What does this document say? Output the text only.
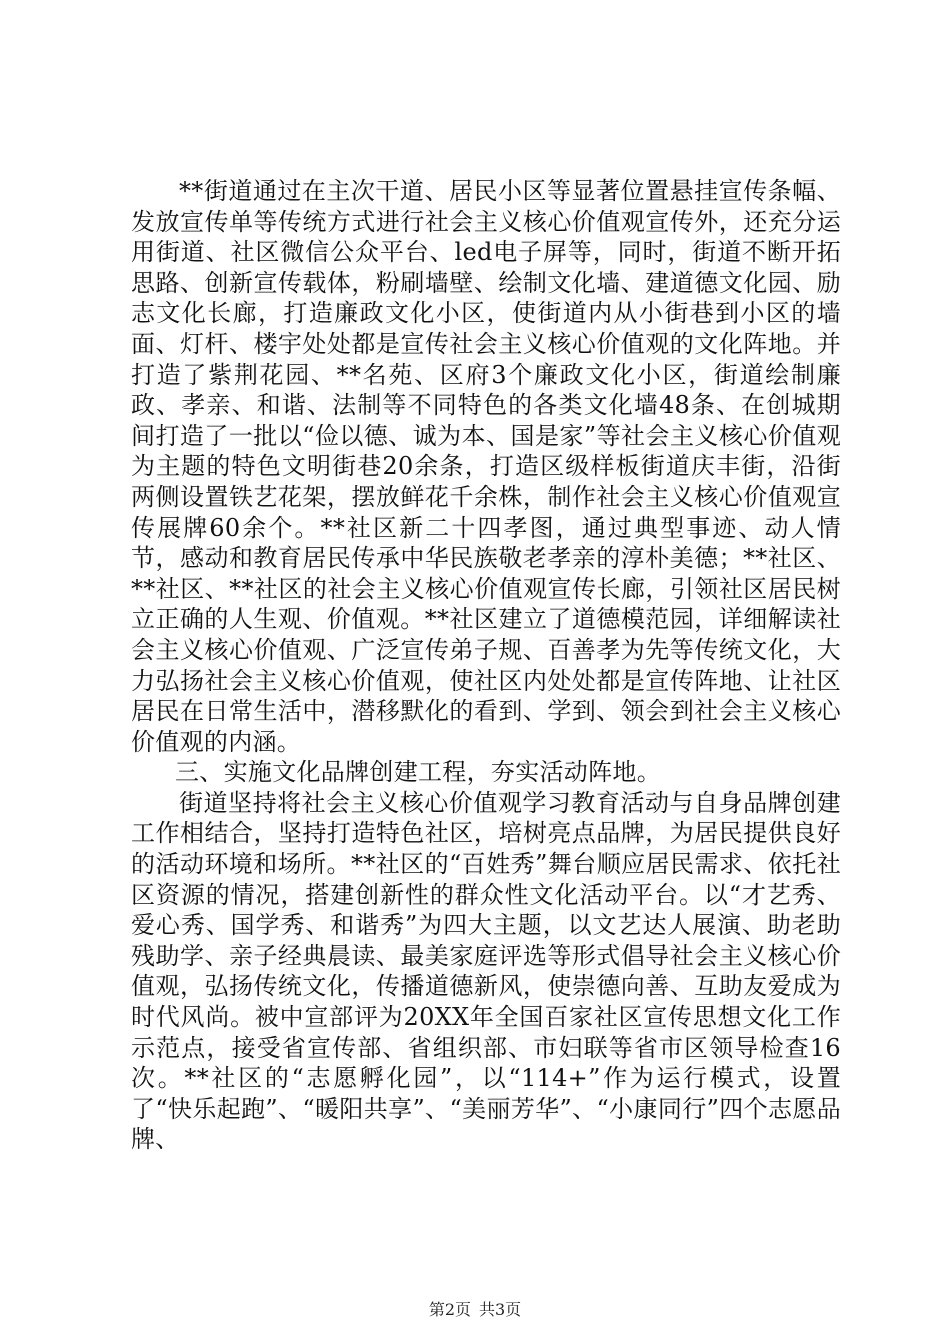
**街道通过在主次干道、居民小区等显著位置悬挂宣传条幅、发放宣传单等传统方式进行社会主义核心价值观宣传外，还充分运用街道、社区微信公众平台、led电子屏等，同时，街道不断开拓思路、创新宣传载体，粉刷墙壁、绘制文化墙、建道德文化园、励志文化长廊，打造廉政文化小区，使街道内从小街巷到小区的墙面、灯杆、楼宇处处都是宣传社会主义核心价值观的文化阵地。并打造了紫荆花园、**名苑、区府3个廉政文化小区，街道绘制廉政、孝亲、和谐、法制等不同特色的各类文化墙48条、在创城期间打造了一批以“俭以德、诚为本、国是家”等社会主义核心价值观为主题的特色文明街巷20余条，打造区级样板街道庆丰街，沿街两侧设置铁艺花架，摆放鲜花千余株，制作社会主义核心价值观宣传展牌60余个。**社区新二十四孝图，通过典型事迹、动人情节，感动和教育居民传承中华民族敬老孝亲的淳朴美德；**社区、**社区、**社区的社会主义核心价值观宣传长廊，引领社区居民树立正确的人生观、价值观。**社区建立了道德模范园，详细解读社会主义核心价值观、广泛宣传弟子规、百善孝为先等传统文化，大力弘扬社会主义核心价值观，使社区内处处都是宣传阵地、让社区居民在日常生活中，潜移默化的看到、学到、领会到社会主义核心价值观的内涵。

三、实施文化品牌创建工程，夯实活动阵地。

街道坚持将社会主义核心价值观学习教育活动与自身品牌创建工作相结合，坚持打造特色社区，培树亮点品牌，为居民提供良好的活动环境和场所。**社区的“百姓秀”舞台顺应居民需求、依托社区资源的情况，搭建创新性的群众性文化活动平台。以“才艺秀、爱心秀、国学秀、和谐秀”为四大主题，以文艺达人展演、助老助残助学、亲子经典晨读、最美家庭评选等形式倡导社会主义核心价值观，弘扬传统文化，传播道德新风，使崇德向善、互助友爱成为时代风尚。被中宣部评为20XX年全国百家社区宣传思想文化工作示范点，接受省宣传部、省组织部、市妇联等省市区领导检查16次。**社区的“志愿孵化园”，以“114+”作为运行模式，设置了“快乐起跑”、“暖阳共享”、“美丽芳华”、“小康同行”四个志愿品牌、

第2页 共3页
